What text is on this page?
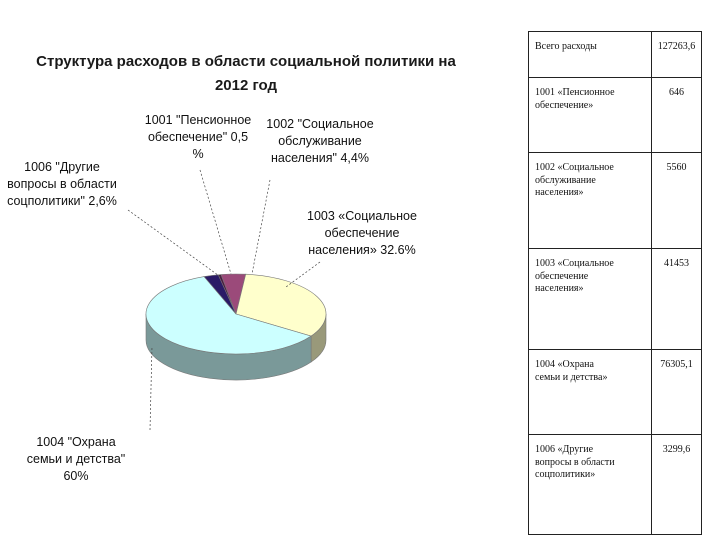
Структура расходов в области социальной политики на
2012 год
1001 "Пенсионное
обеспечение" 0,5
%
1002 "Социальное
обслуживание
населения" 4,4%
1003 «Социальное
обеспечение
населения» 32.6%
1004 "Охрана
семьи и детства"
60%
1006 "Другие
вопросы в области
соцполитики" 2,6%
Всего расходы	127263,6

1001 «Пенсионное
обеспечение»	646

1002 «Социальное
обслуживание
населения»	5560

1003 «Социальное
обеспечение
населения»	41453

1004 «Охрана
семьи и детства»	76305,1

1006 «Другие
вопросы в области
соцполитики»	3299,6
